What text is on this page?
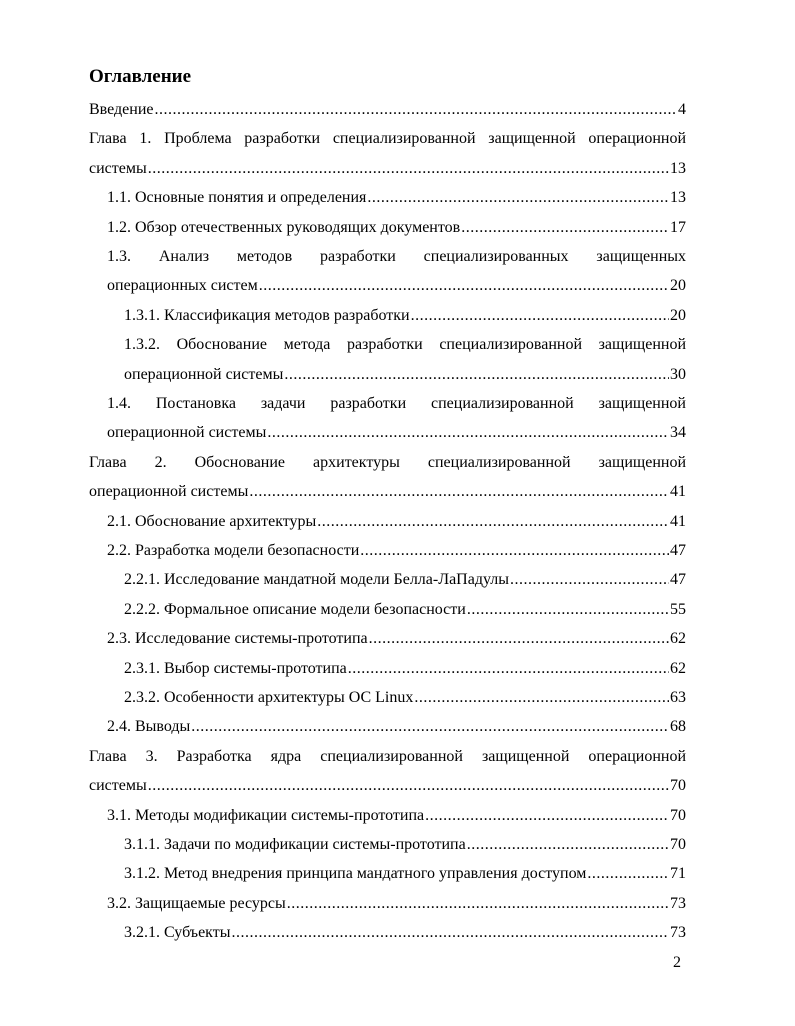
Оглавление
Введение .....	4
Глава 1. Проблема разработки специализированной защищенной операционной
системы .....	13
1.1. Основные понятия и определения .....	13
1.2. Обзор отечественных руководящих документов .....	17
1.3. Анализ методов разработки специализированных защищенных
операционных систем .....	20
1.3.1. Классификация методов разработки .....	20
1.3.2. Обоснование метода разработки специализированной защищенной
операционной системы .....	30
1.4. Постановка задачи разработки специализированной защищенной
операционной системы .....	34
Глава 2. Обоснование архитектуры специализированной защищенной
операционной системы .....	41
2.1. Обоснование архитектуры .....	41
2.2. Разработка модели безопасности .....	47
2.2.1. Исследование мандатной модели Белла-ЛаПадулы .....	47
2.2.2. Формальное описание модели безопасности .....	55
2.3. Исследование системы-прототипа .....	62
2.3.1. Выбор системы-прототипа .....	62
2.3.2. Особенности архитектуры ОС Linux .....	63
2.4. Выводы .....	68
Глава 3. Разработка ядра специализированной защищенной операционной
системы .....	70
3.1. Методы модификации системы-прототипа .....	70
3.1.1. Задачи по модификации системы-прототипа .....	70
3.1.2. Метод внедрения принципа мандатного управления доступом .....	71
3.2. Защищаемые ресурсы .....	73
3.2.1. Субъекты .....	73
2
